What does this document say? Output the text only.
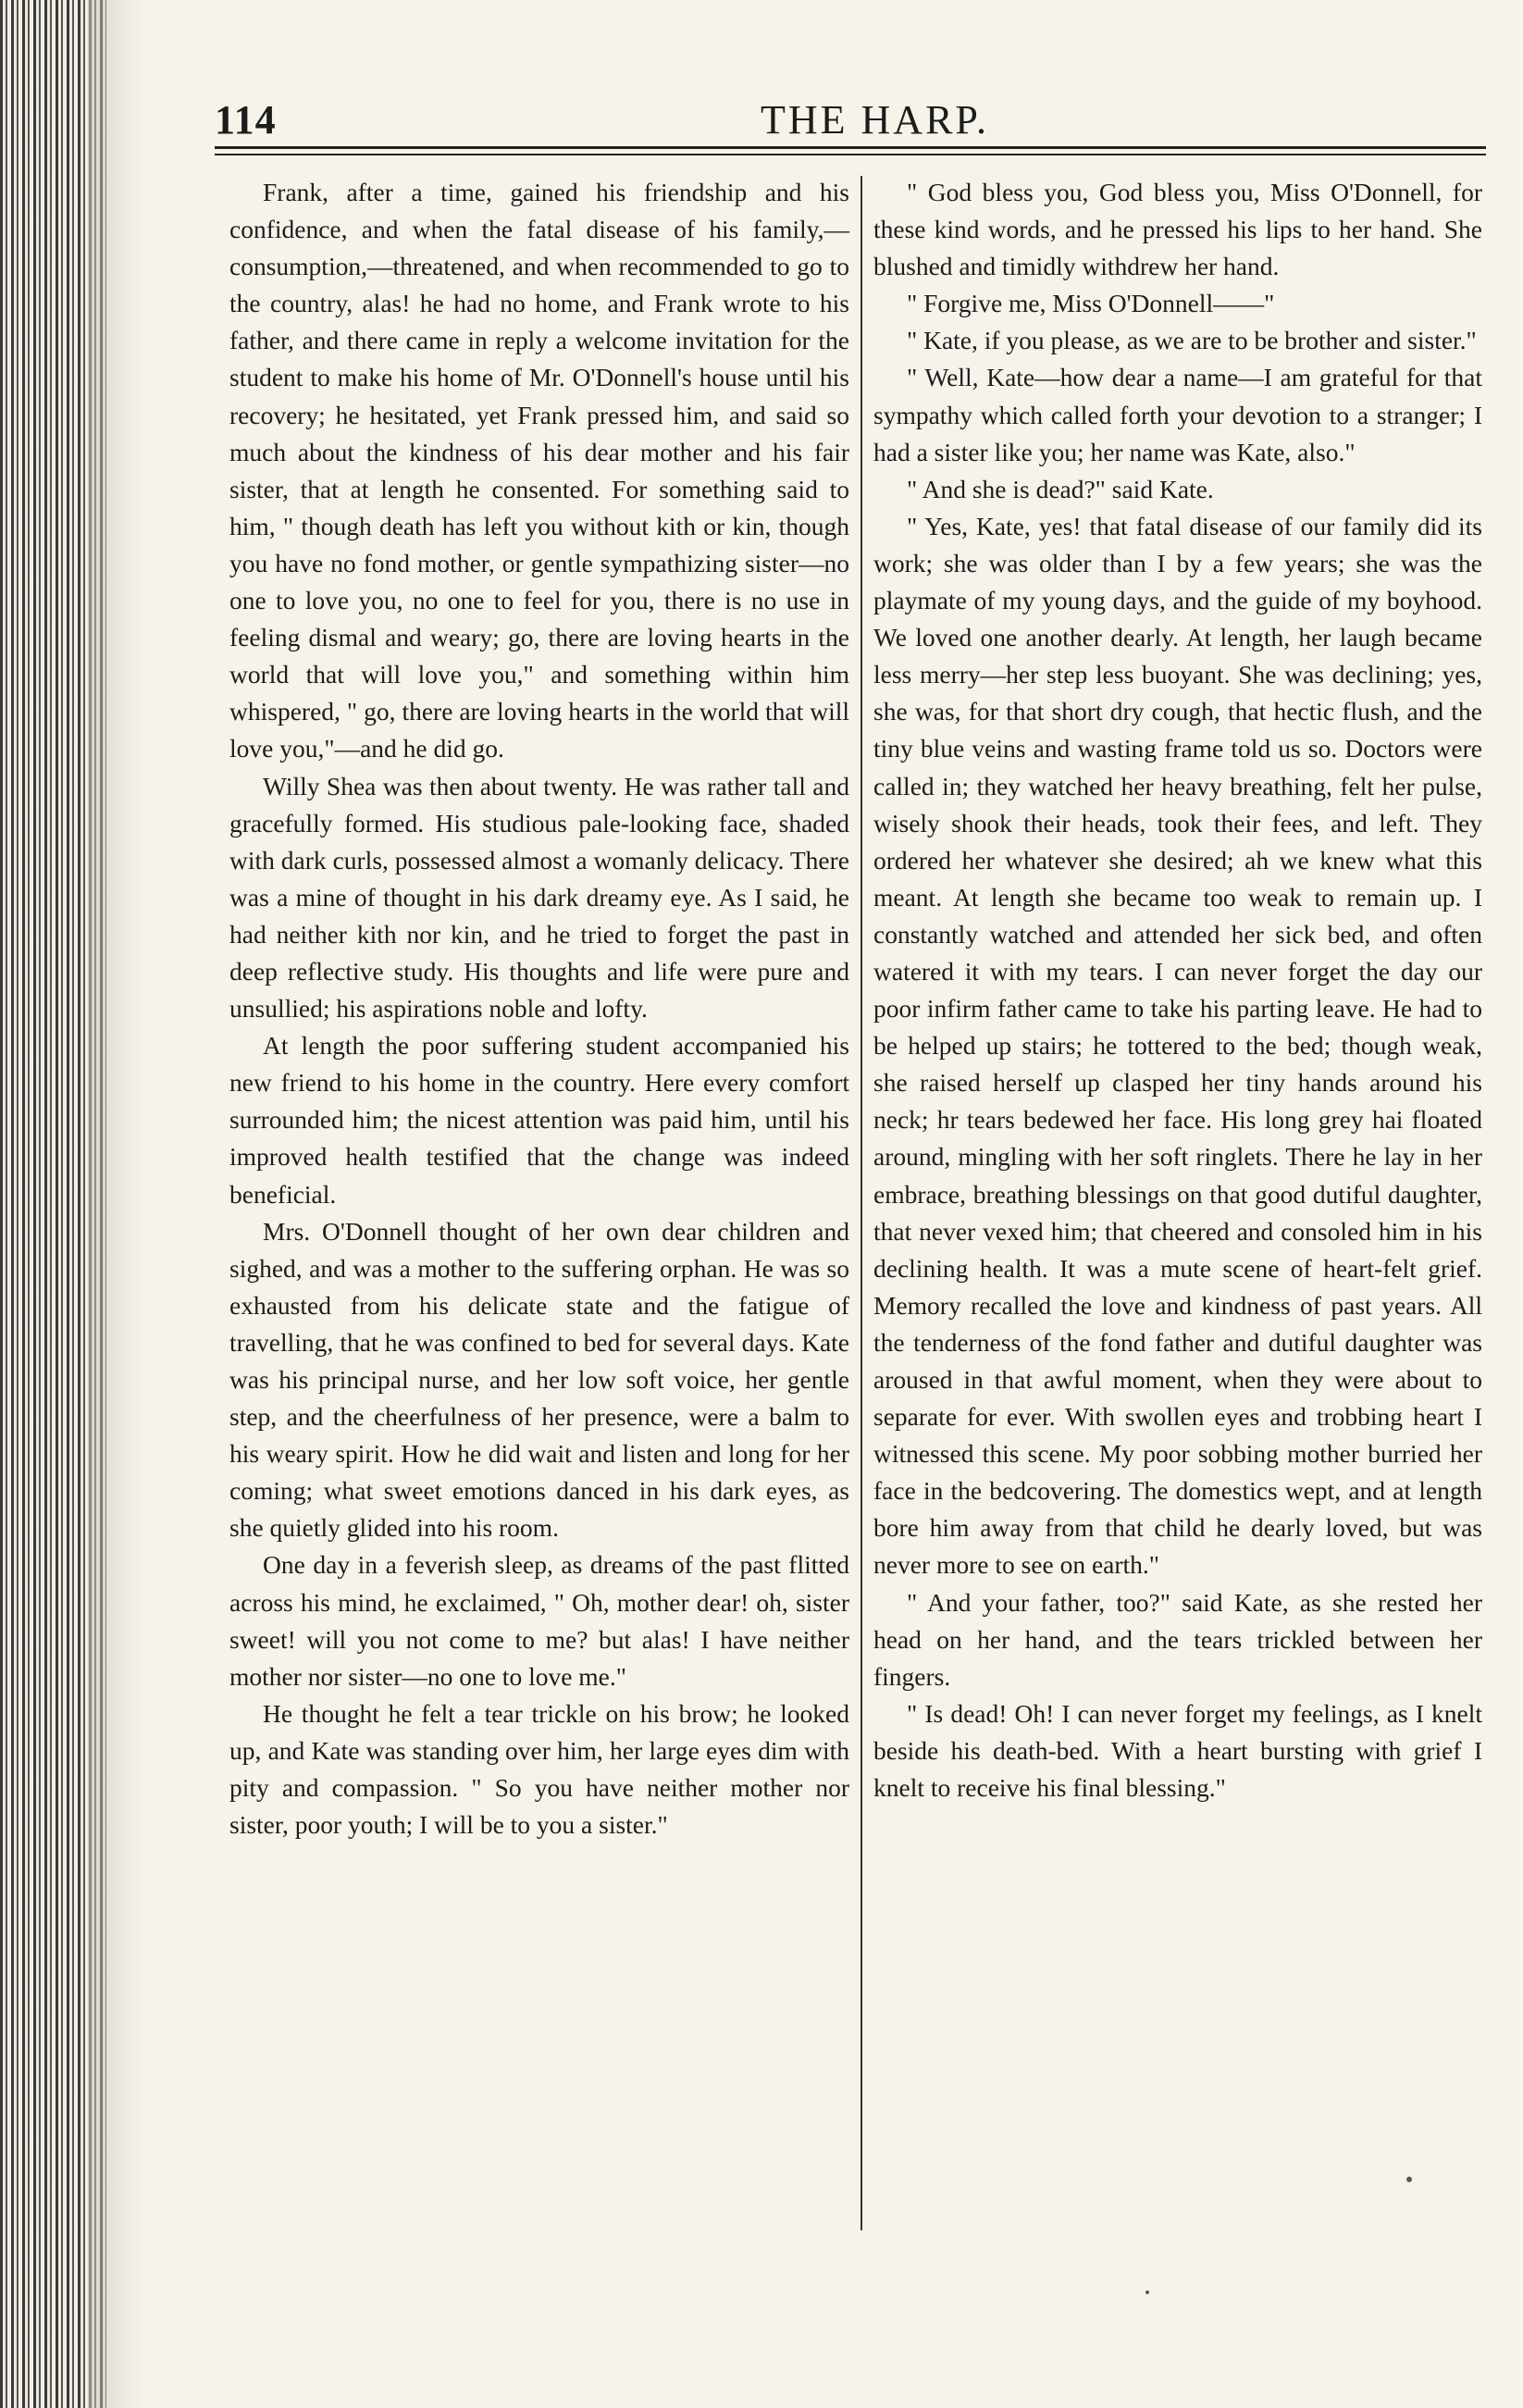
114	THE HARP.

Frank, after a time, gained his friendship and his confidence, and when the fatal disease of his family,—consumption,—threatened, and when recommended to go to the country, alas! he had no home, and Frank wrote to his father, and there came in reply a welcome invitation for the student to make his home of Mr. O'Donnell's house until his recovery; he hesitated, yet Frank pressed him, and said so much about the kindness of his dear mother and his fair sister, that at length he consented. For something said to him, " though death has left you without kith or kin, though you have no fond mother, or gentle sympathizing sister—no one to love you, no one to feel for you, there is no use in feeling dismal and weary; go, there are loving hearts in the world that will love you," and something within him whispered, " go, there are loving hearts in the world that will love you,"—and he did go.

Willy Shea was then about twenty. He was rather tall and gracefully formed. His studious pale-looking face, shaded with dark curls, possessed almost a womanly delicacy. There was a mine of thought in his dark dreamy eye. As I said, he had neither kith nor kin, and he tried to forget the past in deep reflective study. His thoughts and life were pure and unsullied; his aspirations noble and lofty.

At length the poor suffering student accompanied his new friend to his home in the country. Here every comfort surrounded him; the nicest attention was paid him, until his improved health testified that the change was indeed beneficial.

Mrs. O'Donnell thought of her own dear children and sighed, and was a mother to the suffering orphan. He was so exhausted from his delicate state and the fatigue of travelling, that he was confined to bed for several days. Kate was his principal nurse, and her low soft voice, her gentle step, and the cheerfulness of her presence, were a balm to his weary spirit. How he did wait and listen and long for her coming; what sweet emotions danced in his dark eyes, as she quietly glided into his room.

One day in a feverish sleep, as dreams of the past flitted across his mind, he exclaimed, " Oh, mother dear! oh, sister sweet! will you not come to me? but alas! I have neither mother nor sister—no one to love me."

He thought he felt a tear trickle on his brow; he looked up, and Kate was standing over him, her large eyes dim with pity and compassion. " So you have neither mother nor sister, poor youth; I will be to you a sister."

" God bless you, God bless you, Miss O'Donnell, for these kind words, and he pressed his lips to her hand. She blushed and timidly withdrew her hand.

" Forgive me, Miss O'Donnell——"

" Kate, if you please, as we are to be brother and sister."

" Well, Kate—how dear a name—I am grateful for that sympathy which called forth your devotion to a stranger; I had a sister like you; her name was Kate, also."

" And she is dead?" said Kate.

" Yes, Kate, yes! that fatal disease of our family did its work; she was older than I by a few years; she was the playmate of my young days, and the guide of my boyhood. We loved one another dearly. At length, her laugh became less merry—her step less buoyant. She was declining; yes, she was, for that short dry cough, that hectic flush, and the tiny blue veins and wasting frame told us so. Doctors were called in; they watched her heavy breathing, felt her pulse, wisely shook their heads, took their fees, and left. They ordered her whatever she desired; ah we knew what this meant. At length she became too weak to remain up. I constantly watched and attended her sick bed, and often watered it with my tears. I can never forget the day our poor infirm father came to take his parting leave. He had to be helped up stairs; he tottered to the bed; though weak, she raised herself up clasped her tiny hands around his neck; hr tears bedewed her face. His long grey hai floated around, mingling with her soft ringlets. There he lay in her embrace, breathing blessings on that good dutiful daughter, that never vexed him; that cheered and consoled him in his declining health. It was a mute scene of heart-felt grief. Memory recalled the love and kindness of past years. All the tenderness of the fond father and dutiful daughter was aroused in that awful moment, when they were about to separate for ever. With swollen eyes and trobbing heart I witnessed this scene. My poor sobbing mother burried her face in the bedcovering. The domestics wept, and at length bore him away from that child he dearly loved, but was never more to see on earth."

" And your father, too?" said Kate, as she rested her head on her hand, and the tears trickled between her fingers.

" Is dead! Oh! I can never forget my feelings, as I knelt beside his death-bed. With a heart bursting with grief I knelt to receive his final blessing."
